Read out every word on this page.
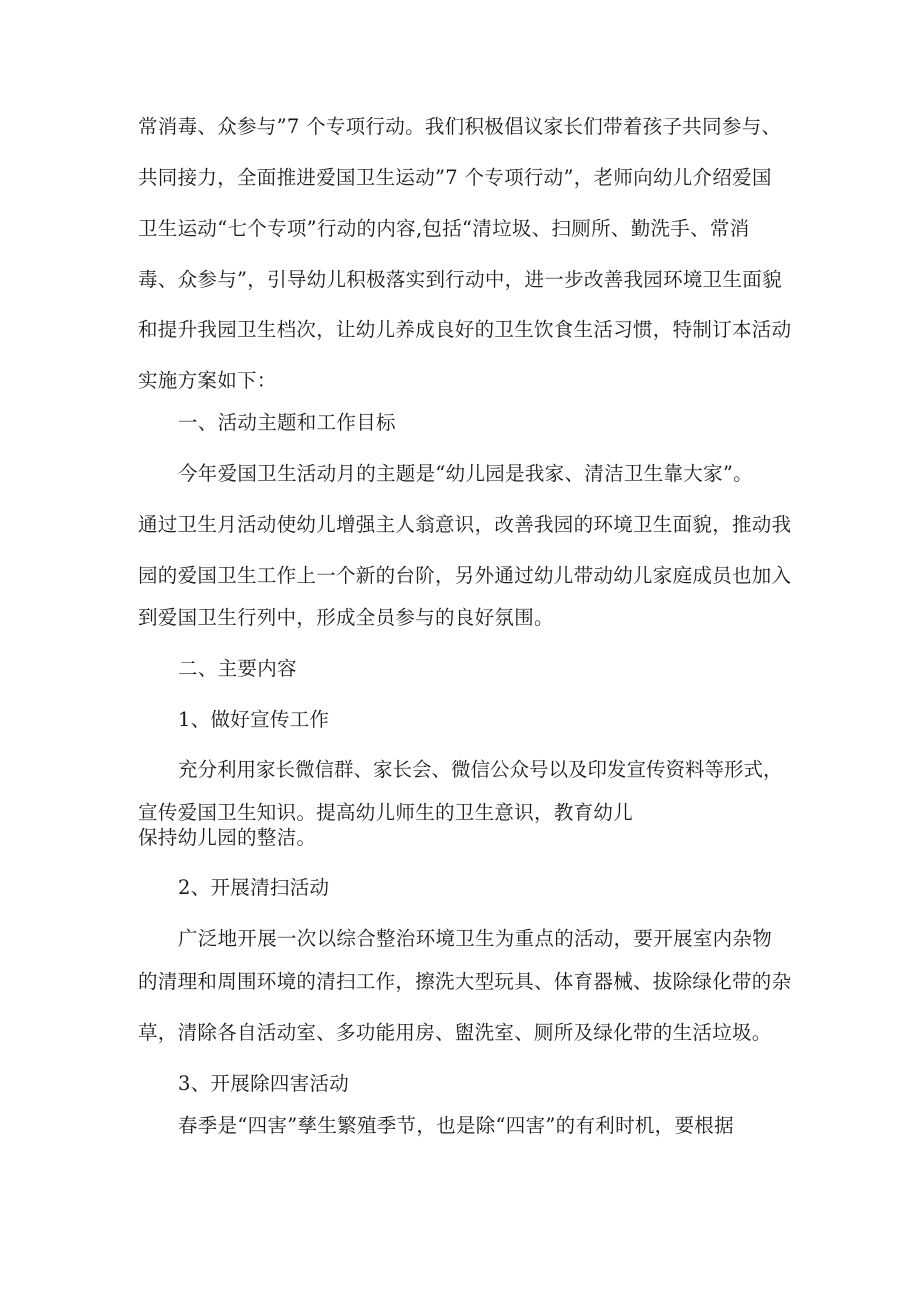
常消毒、众参与”7 个专项行动。我们积极倡议家长们带着孩子共同参与、
共同接力，全面推进爱国卫生运动”7 个专项行动”，老师向幼儿介绍爱国
卫生运动“七个专项”行动的内容,包括“清垃圾、扫厕所、勤洗手、常消
毒、众参与”，引导幼儿积极落实到行动中，进一步改善我园环境卫生面貌
和提升我园卫生档次，让幼儿养成良好的卫生饮食生活习惯，特制订本活动
实施方案如下：
一、活动主题和工作目标
今年爱国卫生活动月的主题是“幼儿园是我家、清洁卫生靠大家”。
通过卫生月活动使幼儿增强主人翁意识，改善我园的环境卫生面貌，推动我
园的爱国卫生工作上一个新的台阶，另外通过幼儿带动幼儿家庭成员也加入
到爱国卫生行列中，形成全员参与的良好氛围。
二、主要内容
1、做好宣传工作
充分利用家长微信群、家长会、微信公众号以及印发宣传资料等形式，
宣传爱国卫生知识。提高幼儿师生的卫生意识，教育幼儿
保持幼儿园的整洁。
2、开展清扫活动
广泛地开展一次以综合整治环境卫生为重点的活动，要开展室内杂物
的清理和周围环境的清扫工作，擦洗大型玩具、体育器械、拔除绿化带的杂
草，清除各自活动室、多功能用房、盥洗室、厕所及绿化带的生活垃圾。
3、开展除四害活动
春季是“四害”孳生繁殖季节，也是除“四害”的有利时机，要根据
